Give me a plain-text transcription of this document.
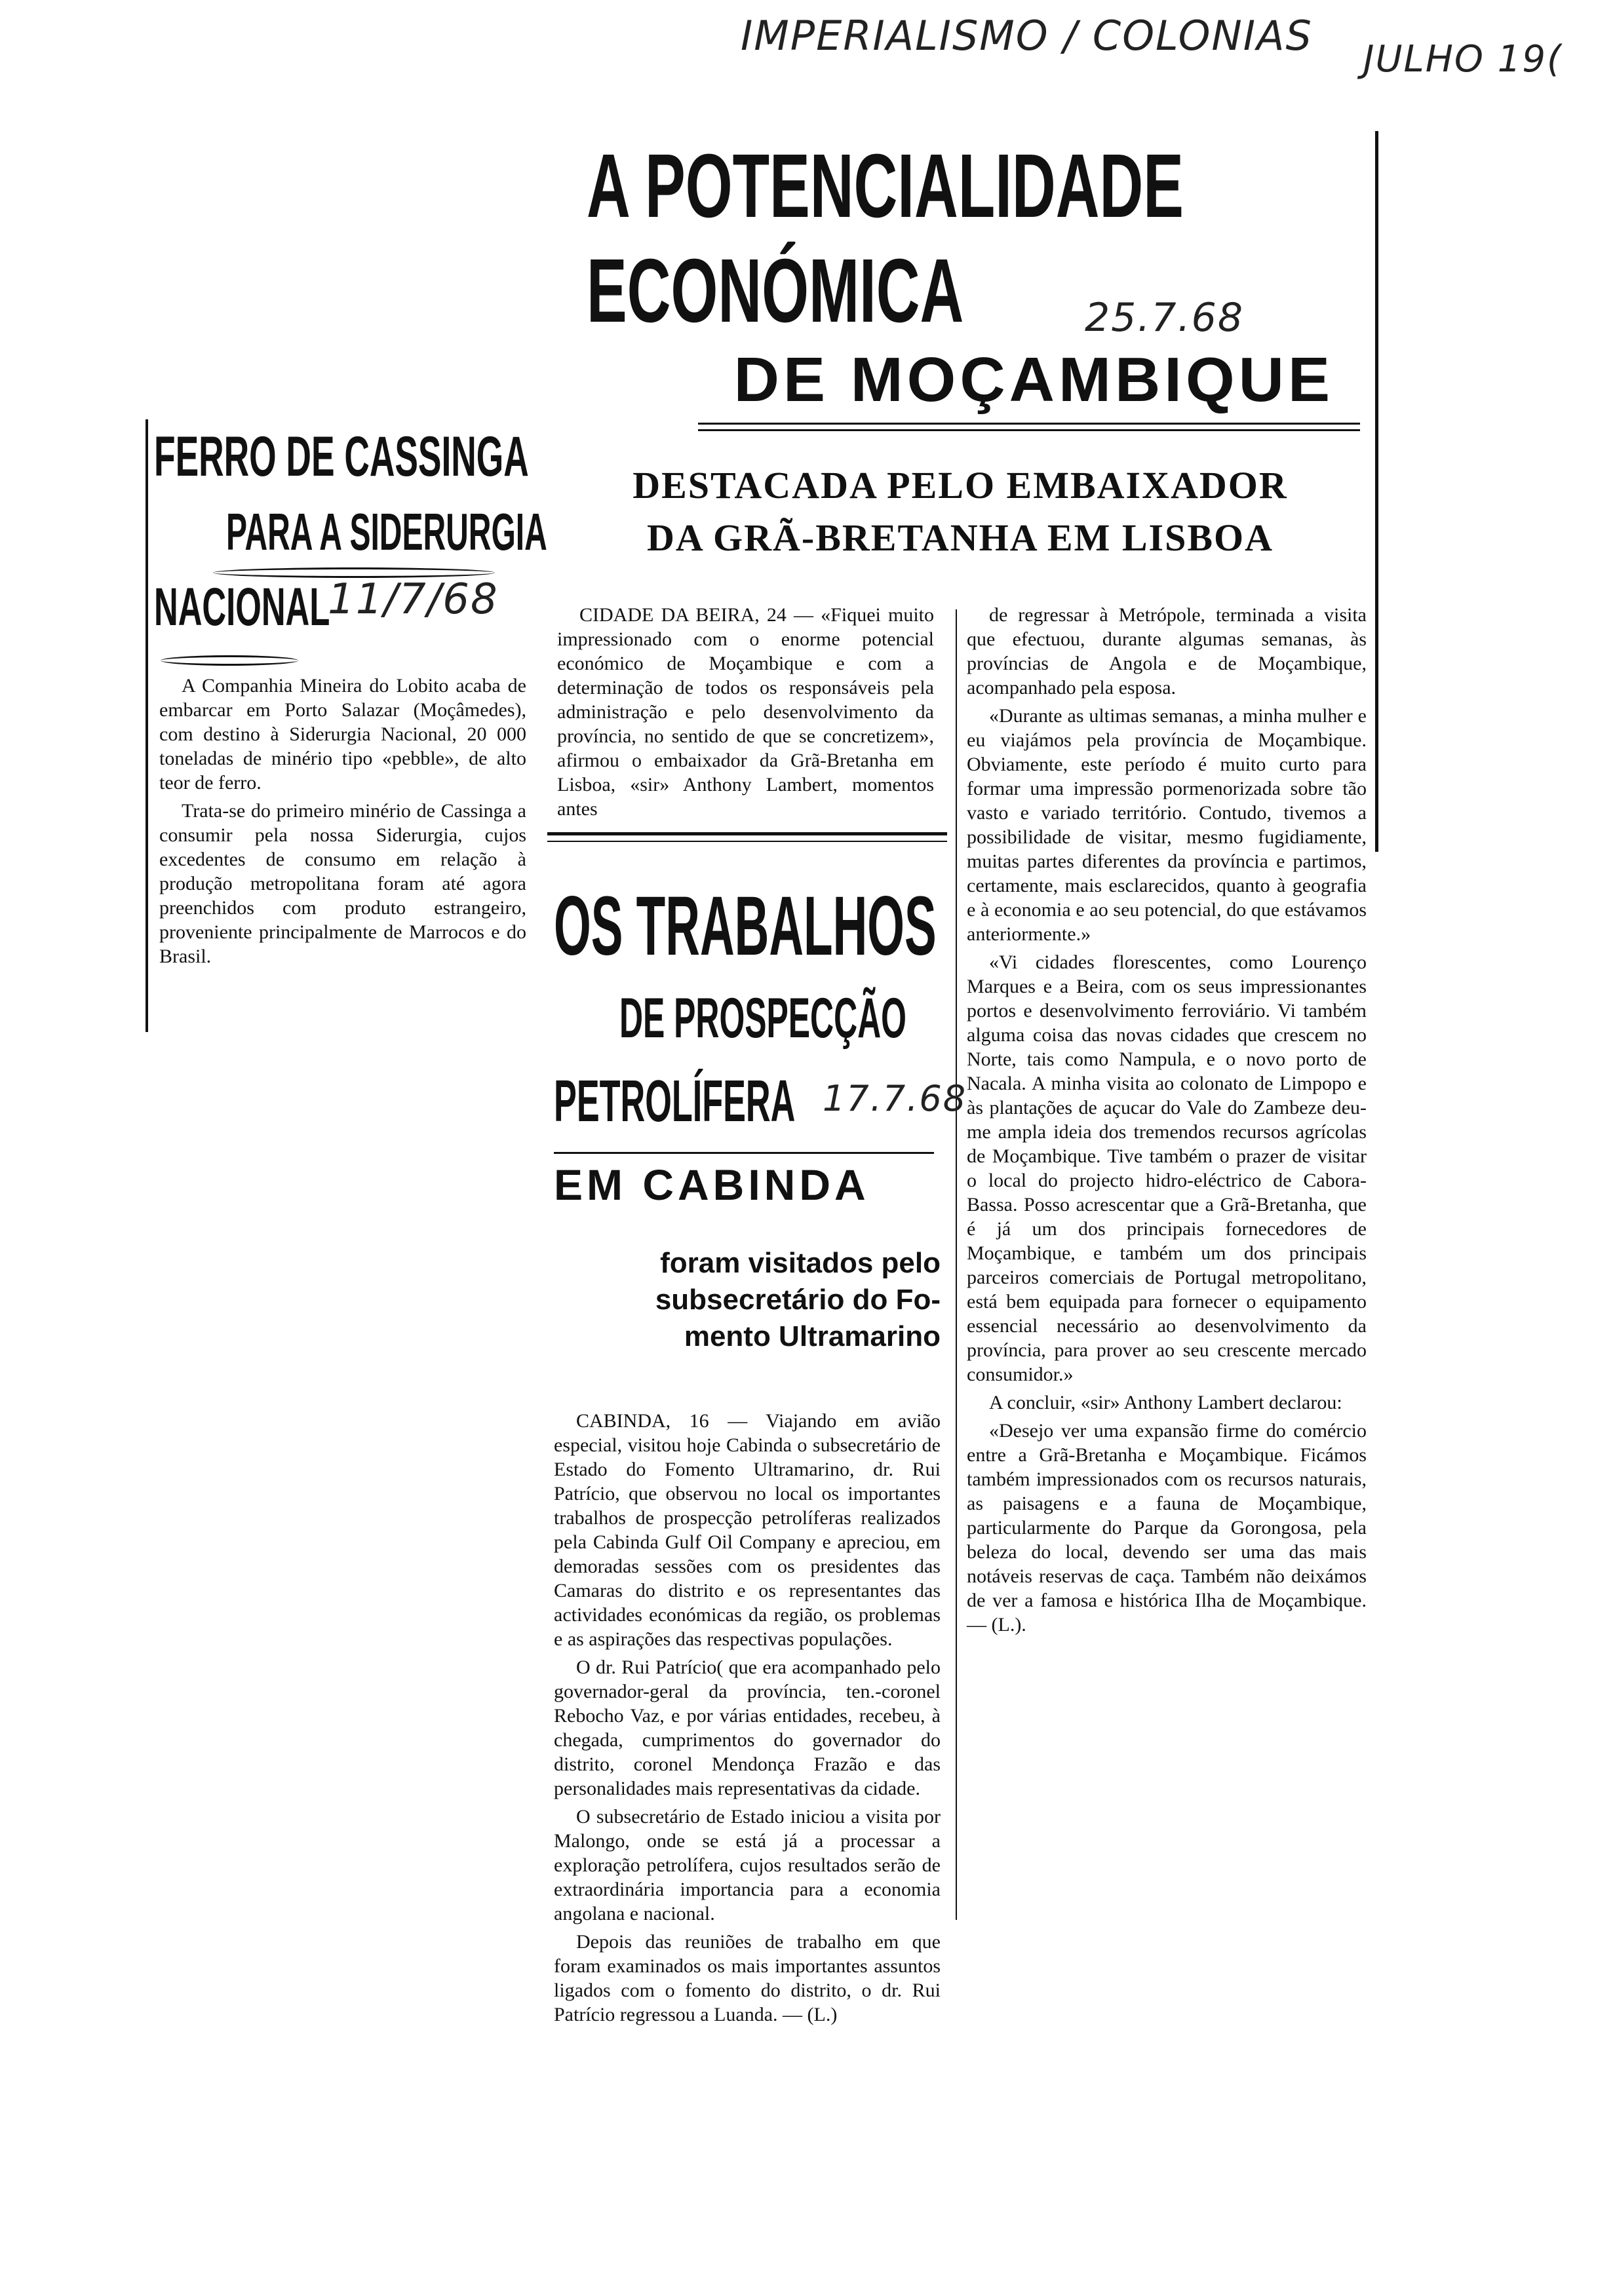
IMPERIALISMO / COLONIAS JULHO 19(
FERRO DE CASSINGA
PARA A SIDERURGIA
NACIONAL
11/7/68

A Companhia Mineira do Lobito acaba de embarcar em Porto Salazar (Moçâmedes), com destino à Siderurgia Nacional, 20 000 toneladas de minério tipo «pebble», de alto teor de ferro.

Trata-se do primeiro minério de Cassinga a consumir pela nossa Siderurgia, cujos excedentes de consumo em relação à produção metropolitana foram até agora preenchidos com produto estrangeiro, proveniente principalmente de Marrocos e do Brasil.

A POTENCIALIDADE
ECONÓMICA	25.7.68
DE MOÇAMBIQUE
DESTACADA PELO EMBAIXADOR
DA GRÃ-BRETANHA EM LISBOA

CIDADE DA BEIRA, 24 — «Fiquei muito impressionado com o enorme potencial económico de Moçambique e com a determinação de todos os responsáveis pela administração e pelo desenvolvimento da província, no sentido de que se concretizem», afirmou o embaixador da Grã-Bretanha em Lisboa, «sir» Anthony Lambert, momentos antes

de regressar à Metrópole, terminada a visita que efectuou, durante algumas semanas, às províncias de Angola e de Moçambique, acompanhado pela esposa.

«Durante as ultimas semanas, a minha mulher e eu viajámos pela província de Moçambique. Obviamente, este período é muito curto para formar uma impressão pormenorizada sobre tão vasto e variado território. Contudo, tivemos a possibilidade de visitar, mesmo fugidiamente, muitas partes diferentes da província e partimos, certamente, mais esclarecidos, quanto à geografia e à economia e ao seu potencial, do que estávamos anteriormente.»

«Vi cidades florescentes, como Lourenço Marques e a Beira, com os seus impressionantes portos e desenvolvimento ferroviário. Vi também alguma coisa das novas cidades que crescem no Norte, tais como Nampula, e o novo porto de Nacala. A minha visita ao colonato de Limpopo e às plantações de açucar do Vale do Zambeze deu-me ampla ideia dos tremendos recursos agrícolas de Moçambique. Tive também o prazer de visitar o local do projecto hidro-eléctrico de Cabora-Bassa. Posso acrescentar que a Grã-Bretanha, que é já um dos principais fornecedores de Moçambique, e também um dos principais parceiros comerciais de Portugal metropolitano, está bem equipada para fornecer o equipamento essencial necessário ao desenvolvimento da província, para prover ao seu crescente mercado consumidor.»

A concluir, «sir» Anthony Lambert declarou:

«Desejo ver uma expansão firme do comércio entre a Grã-Bretanha e Moçambique. Ficámos também impressionados com os recursos naturais, as paisagens e a fauna de Moçambique, particularmente do Parque da Gorongosa, pela beleza do local, devendo ser uma das mais notáveis reservas de caça. Também não deixámos de ver a famosa e histórica Ilha de Moçambique. — (L.).

OS TRABALHOS
DE PROSPECÇÃO
PETROLÍFERA 17.7.68
EM CABINDA
foram visitados pelo
subsecretário do Fo-
mento Ultramarino

CABINDA, 16 — Viajando em avião especial, visitou hoje Cabinda o subsecretário de Estado do Fomento Ultramarino, dr. Rui Patrício, que observou no local os importantes trabalhos de prospecção petrolíferas realizados pela Cabinda Gulf Oil Company e apreciou, em demoradas sessões com os presidentes das Camaras do distrito e os representantes das actividades económicas da região, os problemas e as aspirações das respectivas populações.

O dr. Rui Patrício( que era acompanhado pelo governador-geral da província, ten.-coronel Rebocho Vaz, e por várias entidades, recebeu, à chegada, cumprimentos do governador do distrito, coronel Mendonça Frazão e das personalidades mais representativas da cidade.

O subsecretário de Estado iniciou a visita por Malongo, onde se está já a processar a exploração petrolífera, cujos resultados serão de extraordinária importancia para a economia angolana e nacional.

Depois das reuniões de trabalho em que foram examinados os mais importantes assuntos ligados com o fomento do distrito, o dr. Rui Patrício regressou a Luanda. — (L.)
